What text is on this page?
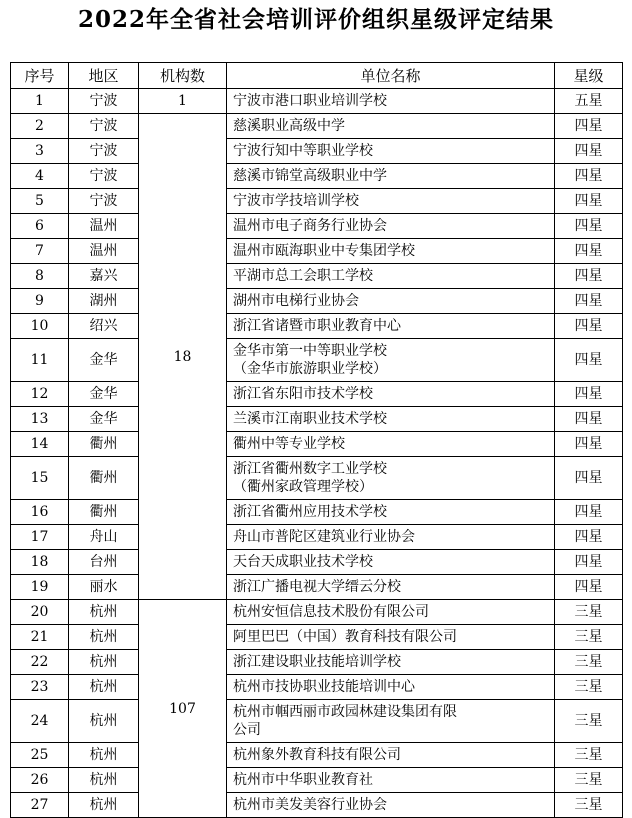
2022年全省社会培训评价组织星级评定结果
序号	地区	机构数	单位名称	星级
1	宁波	1	宁波市港口职业培训学校	五星
2	宁波	18	慈溪职业高级中学	四星
3	宁波		宁波行知中等职业学校	四星
4	宁波		慈溪市锦堂高级职业中学	四星
5	宁波		宁波市学技培训学校	四星
6	温州		温州市电子商务行业协会	四星
7	温州		温州市瓯海职业中专集团学校	四星
8	嘉兴		平湖市总工会职工学校	四星
9	湖州		湖州市电梯行业协会	四星
10	绍兴		浙江省诸暨市职业教育中心	四星
11	金华		金华市第一中等职业学校
（金华市旅游职业学校）	四星
12	金华		浙江省东阳市技术学校	四星
13	金华		兰溪市江南职业技术学校	四星
14	衢州		衢州中等专业学校	四星
15	衢州		浙江省衢州数字工业学校
（衢州家政管理学校）	四星
16	衢州		浙江省衢州应用技术学校	四星
17	舟山		舟山市普陀区建筑业行业协会	四星
18	台州		天台天成职业技术学校	四星
19	丽水		浙江广播电视大学缙云分校	四星
20	杭州	107	杭州安恒信息技术股份有限公司	三星
21	杭州		阿里巴巴（中国）教育科技有限公司	三星
22	杭州		浙江建设职业技能培训学校	三星
23	杭州		杭州市技协职业技能培训中心	三星
24	杭州		杭州市帼西丽市政园林建设集团有限
公司	三星
25	杭州		杭州象外教育科技有限公司	三星
26	杭州		杭州市中华职业教育社	三星
27	杭州		杭州市美发美容行业协会	三星
